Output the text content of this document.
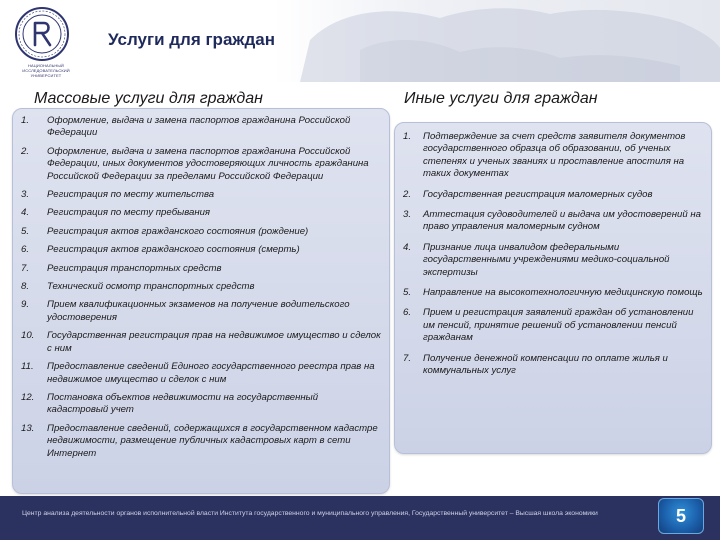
НАЦИОНАЛЬНЫЙ ИССЛЕДОВАТЕЛЬСКИЙ УНИВЕРСИТЕТ
Услуги для граждан
Массовые услуги для граждан	Иные услуги для граждан
1. Оформление, выдача и замена паспортов гражданина Российской Федерации
2. Оформление, выдача и замена паспортов гражданина Российской Федерации, иных документов удостоверяющих личность гражданина Российской Федерации за пределами Российской Федерации
3. Регистрация по месту жительства
4. Регистрация по месту пребывания
5. Регистрация актов гражданского состояния (рождение)
6. Регистрация актов гражданского состояния (смерть)
7. Регистрация транспортных средств
8. Технический осмотр транспортных средств
9. Прием квалификационных экзаменов на получение водительского удостоверения
10. Государственная регистрация прав на недвижимое имущество и сделок с ним
11. Предоставление сведений Единого государственного реестра прав на недвижимое имущество и сделок с ним
12. Постановка объектов недвижимости на государственный кадастровый учет
13. Предоставление сведений, содержащихся в государственном кадастре недвижимости, размещение публичных кадастровых карт в сети Интернет
1. Подтверждение за счет средств заявителя документов государственного образца об образовании, об ученых степенях и ученых званиях и проставление апостиля на таких документах
2. Государственная регистрация маломерных судов
3. Аттестация судоводителей и выдача им удостоверений на право управления маломерным судном
4. Признание лица инвалидом федеральными государственными учреждениями медико-социальной экспертизы
5. Направление на высокотехнологичную медицинскую помощь
6. Прием и регистрация заявлений граждан об установлении им пенсий, принятие решений об установлении пенсий гражданам
7. Получение денежной компенсации по оплате жилья и коммунальных услуг
Центр анализа деятельности органов исполнительной власти Института государственного и муниципального управления, Государственный университет – Высшая школа экономики	5
